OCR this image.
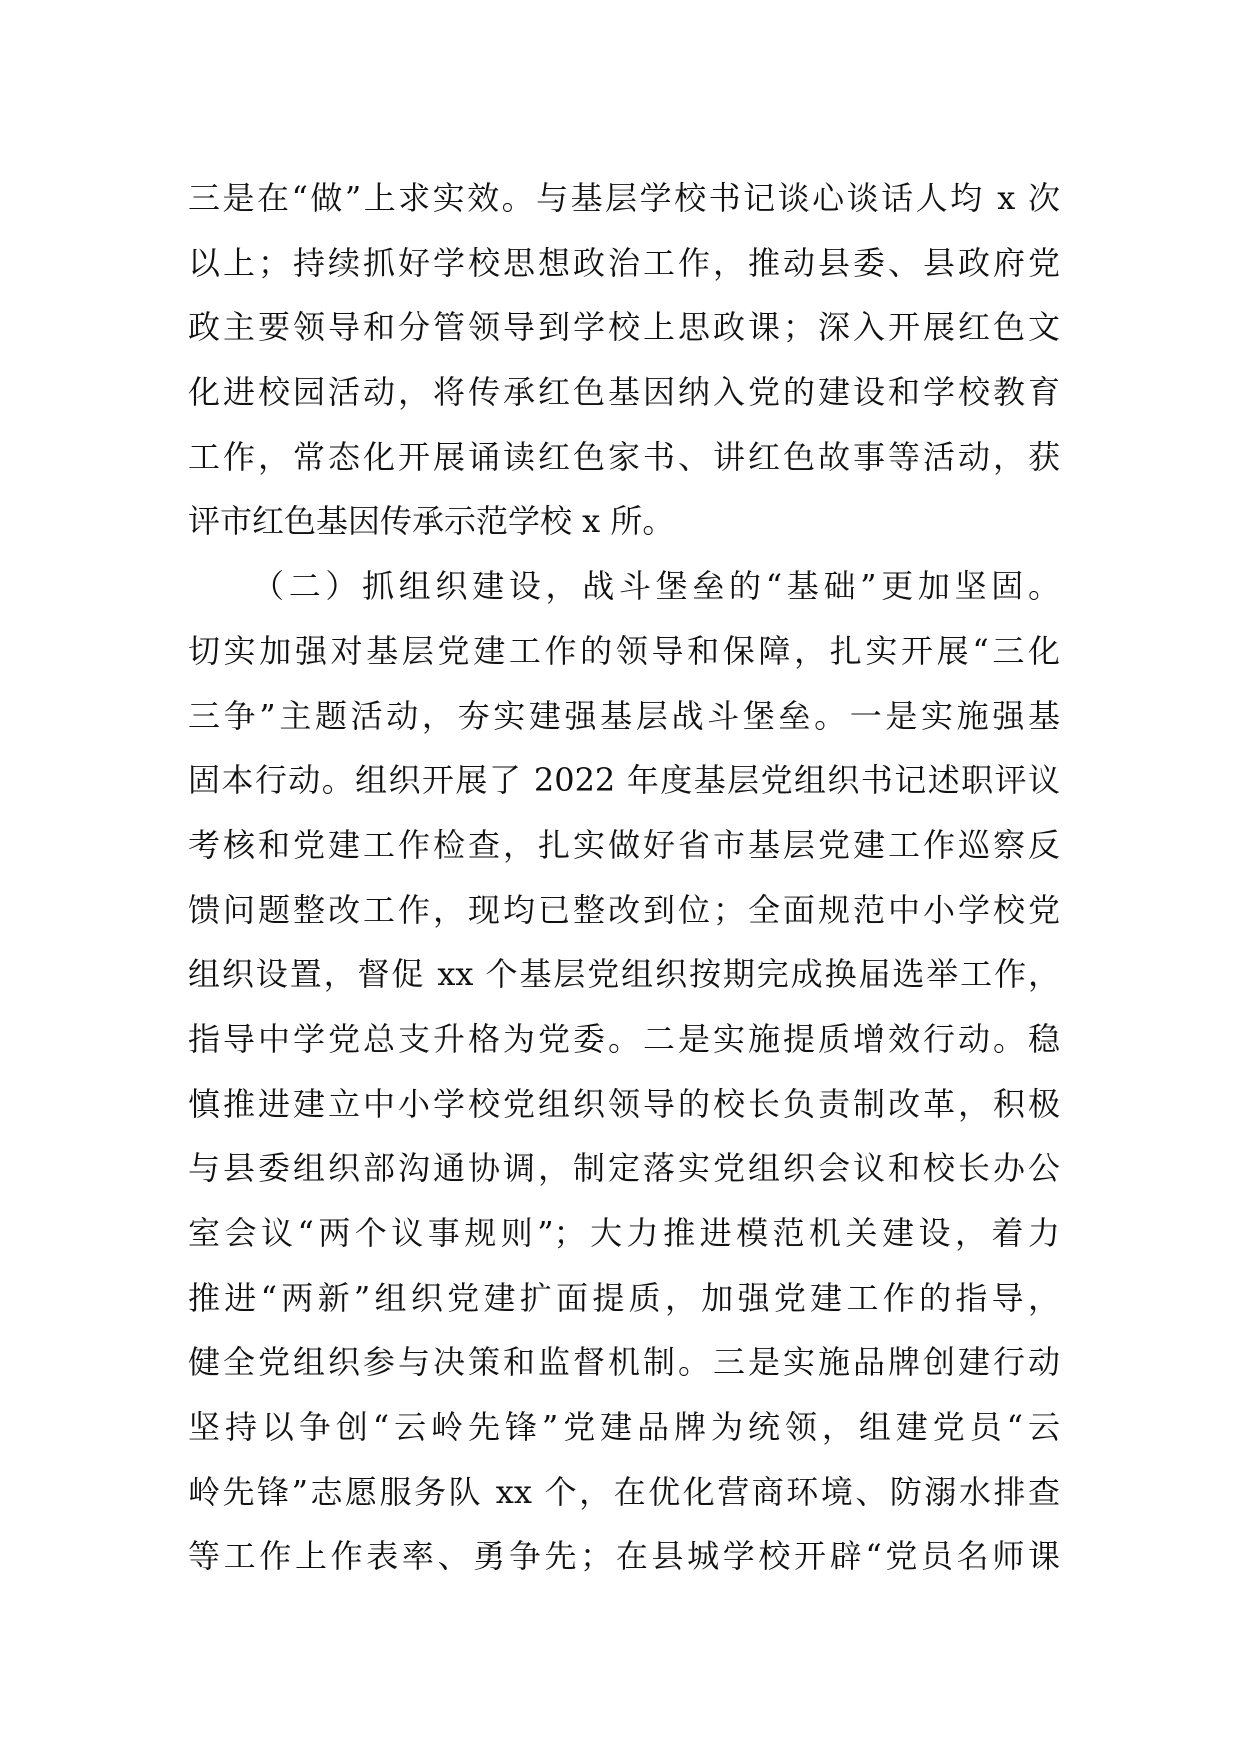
三是在“做”上求实效。与基层学校书记谈心谈话人均 x 次
以上；持续抓好学校思想政治工作，推动县委、县政府党
政主要领导和分管领导到学校上思政课；深入开展红色文
化进校园活动，将传承红色基因纳入党的建设和学校教育
工作，常态化开展诵读红色家书、讲红色故事等活动，获
评市红色基因传承示范学校 x 所。
（二）抓组织建设，战斗堡垒的“基础”更加坚固。
切实加强对基层党建工作的领导和保障，扎实开展“三化
三争”主题活动，夯实建强基层战斗堡垒。一是实施强基
固本行动。组织开展了 2022 年度基层党组织书记述职评议
考核和党建工作检查，扎实做好省市基层党建工作巡察反
馈问题整改工作，现均已整改到位；全面规范中小学校党
组织设置，督促 xx 个基层党组织按期完成换届选举工作，
指导中学党总支升格为党委。二是实施提质增效行动。稳
慎推进建立中小学校党组织领导的校长负责制改革，积极
与县委组织部沟通协调，制定落实党组织会议和校长办公
室会议“两个议事规则”；大力推进模范机关建设，着力
推进“两新”组织党建扩面提质，加强党建工作的指导，
健全党组织参与决策和监督机制。三是实施品牌创建行动
坚持以争创“云岭先锋”党建品牌为统领，组建党员“云
岭先锋”志愿服务队 xx 个，在优化营商环境、防溺水排查
等工作上作表率、勇争先；在县城学校开辟“党员名师课
